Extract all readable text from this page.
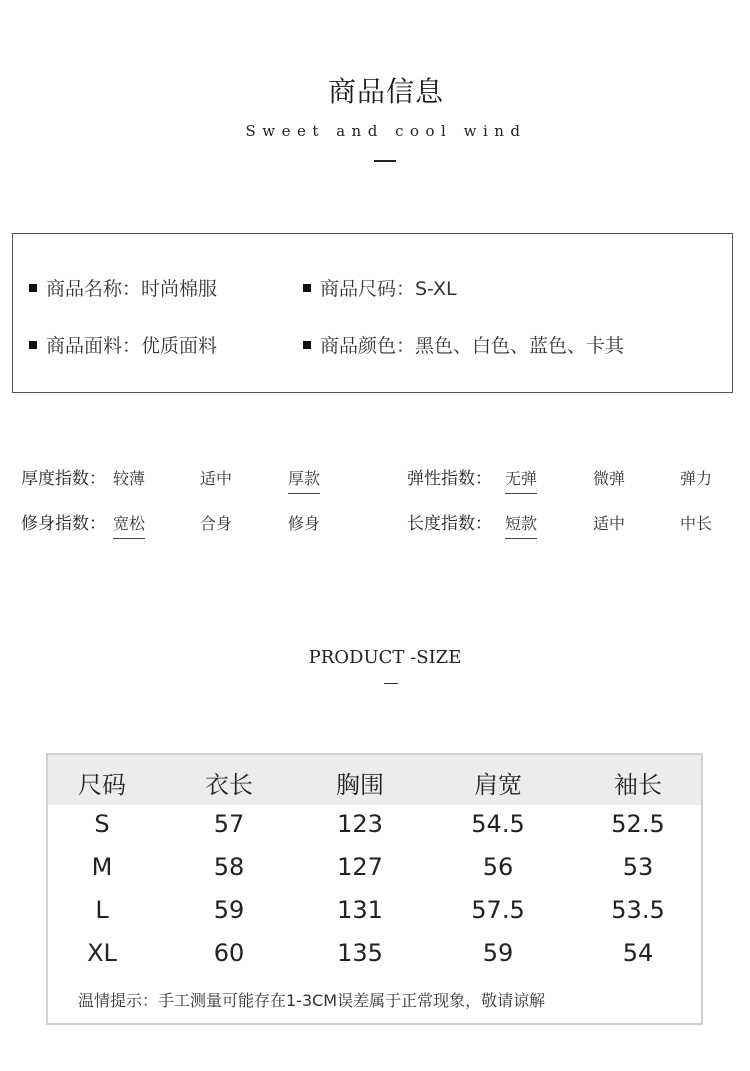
商品信息
Sweet and cool wind
商品名称：时尚棉服	商品尺码：S-XL
商品面料：优质面料	商品颜色：黑色、白色、蓝色、卡其
厚度指数： 较薄	适中	厚款	弹性指数： 无弹	微弹	弹力
修身指数： 宽松	合身	修身	长度指数： 短款	适中	中长
PRODUCT -SIZE
尺码	衣长	胸围	肩宽	袖长
S	57	123	54.5	52.5
M	58	127	56	53
L	59	131	57.5	53.5
XL	60	135	59	54
温情提示：手工测量可能存在1-3CM误差属于正常现象，敬请谅解
